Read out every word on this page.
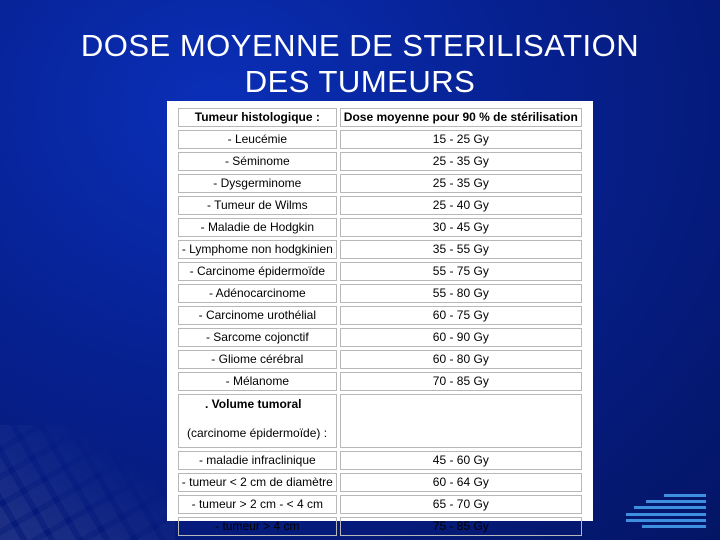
DOSE MOYENNE DE STERILISATION
DES TUMEURS
Tumeur histologique :	Dose moyenne pour 90 % de stérilisation
- Leucémie	15 - 25 Gy
- Séminome	25 - 35 Gy
- Dysgerminome	25 - 35 Gy
- Tumeur de Wilms	25 - 40 Gy
- Maladie de Hodgkin	30 - 45 Gy
- Lymphome non hodgkinien	35 - 55 Gy
- Carcinome épidermoïde	55 - 75 Gy
- Adénocarcinome	55 - 80 Gy
- Carcinome urothélial	60 - 75 Gy
- Sarcome cojonctif	60 - 90 Gy
- Gliome cérébral	60 - 80 Gy
- Mélanome	70 - 85 Gy

. Volume tumoral
(carcinome épidermoïde) :	

- maladie infraclinique	45 - 60 Gy
- tumeur < 2 cm de diamètre	60 - 64 Gy
- tumeur > 2 cm - < 4 cm	65 - 70 Gy
- tumeur > 4 cm	75 - 85 Gy
